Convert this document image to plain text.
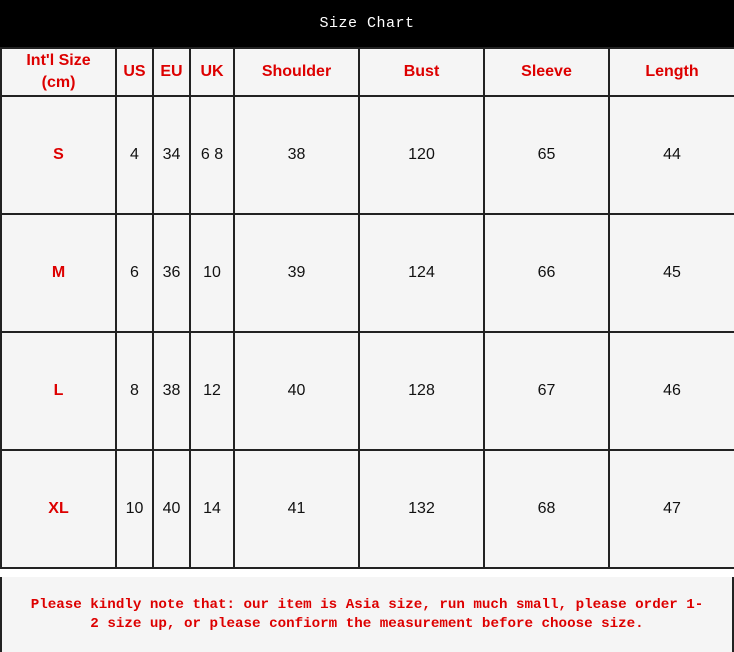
Size Chart
Int'l Size
(cm)	US	EU	UK	Shoulder	Bust	Sleeve	Length
S	4	34	6 8	38	120	65	44
M	6	36	10	39	124	66	45
L	8	38	12	40	128	67	46
XL	10	40	14	41	132	68	47
Please kindly note that: our item is Asia size, run much small, please order 1-
2 size up, or please confiorm the measurement before choose size.
